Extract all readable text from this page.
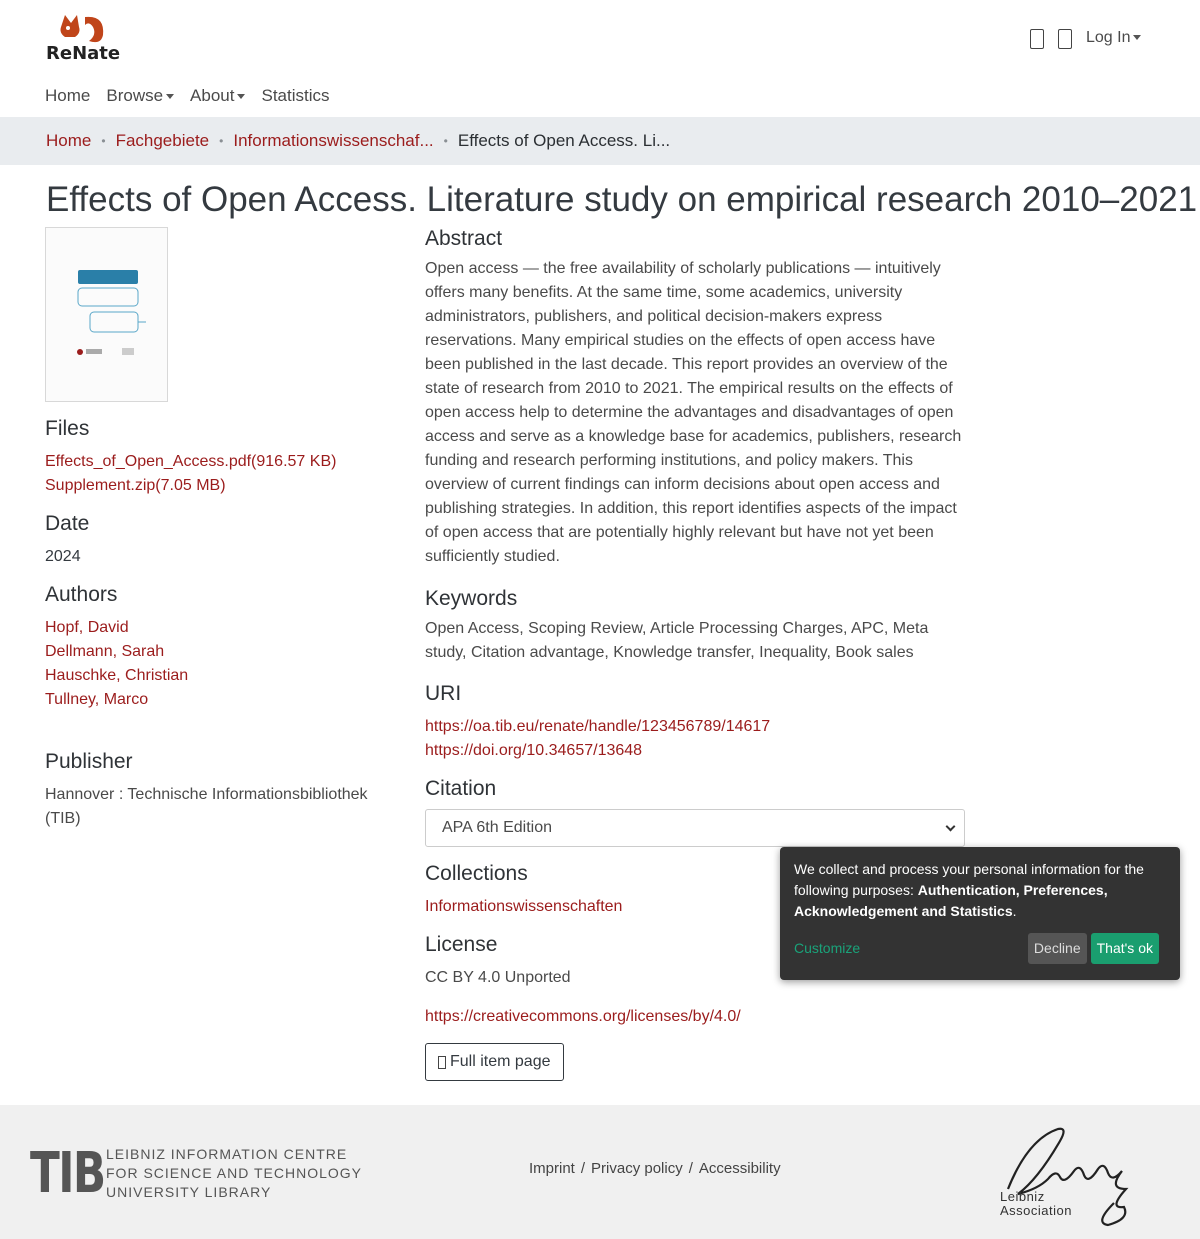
ReNate
Log In
Home Browse	About	Statistics
Home • Fachgebiete • Informationswissenschaf... • Effects of Open Access. Li...
Effects of Open Access. Literature study on empirical research 2010–2021
Files
Effects_of_Open_Access.pdf(916.57 KB)
Supplement.zip(7.05 MB)
Date
2024
Authors
Hopf, David
Dellmann, Sarah
Hauschke, Christian
Tullney, Marco
Publisher
Hannover : Technische Informationsbibliothek (TIB)
Abstract

Open access — the free availability of scholarly publications — intuitively offers many benefits. At the same time, some academics, university administrators, publishers, and political decision-makers express reservations. Many empirical studies on the effects of open access have been published in the last decade. This report provides an overview of the state of research from 2010 to 2021. The empirical results on the effects of open access help to determine the advantages and disadvantages of open access and serve as a knowledge base for academics, publishers, research funding and research performing institutions, and policy makers. This overview of current findings can inform decisions about open access and publishing strategies. In addition, this report identifies aspects of the impact of open access that are potentially highly relevant but have not yet been sufficiently studied.

Keywords

Open Access, Scoping Review, Article Processing Charges, APC, Meta study, Citation advantage, Knowledge transfer, Inequality, Book sales

URI
https://oa.tib.eu/renate/handle/123456789/14617
https://doi.org/10.34657/13648
Citation
APA 6th Edition
Collections
Informationswissenschaften
License
CC BY 4.0 Unported
https://creativecommons.org/licenses/by/4.0/
Full item page
We collect and process your personal information for the following purposes: Authentication, Preferences, Acknowledgement and Statistics.
Customize	Decline	That's ok
TIB LEIBNIZ INFORMATION CENTRE
FOR SCIENCE AND TECHNOLOGY
UNIVERSITY LIBRARY
Imprint / Privacy policy / Accessibility
Leibniz
Association
